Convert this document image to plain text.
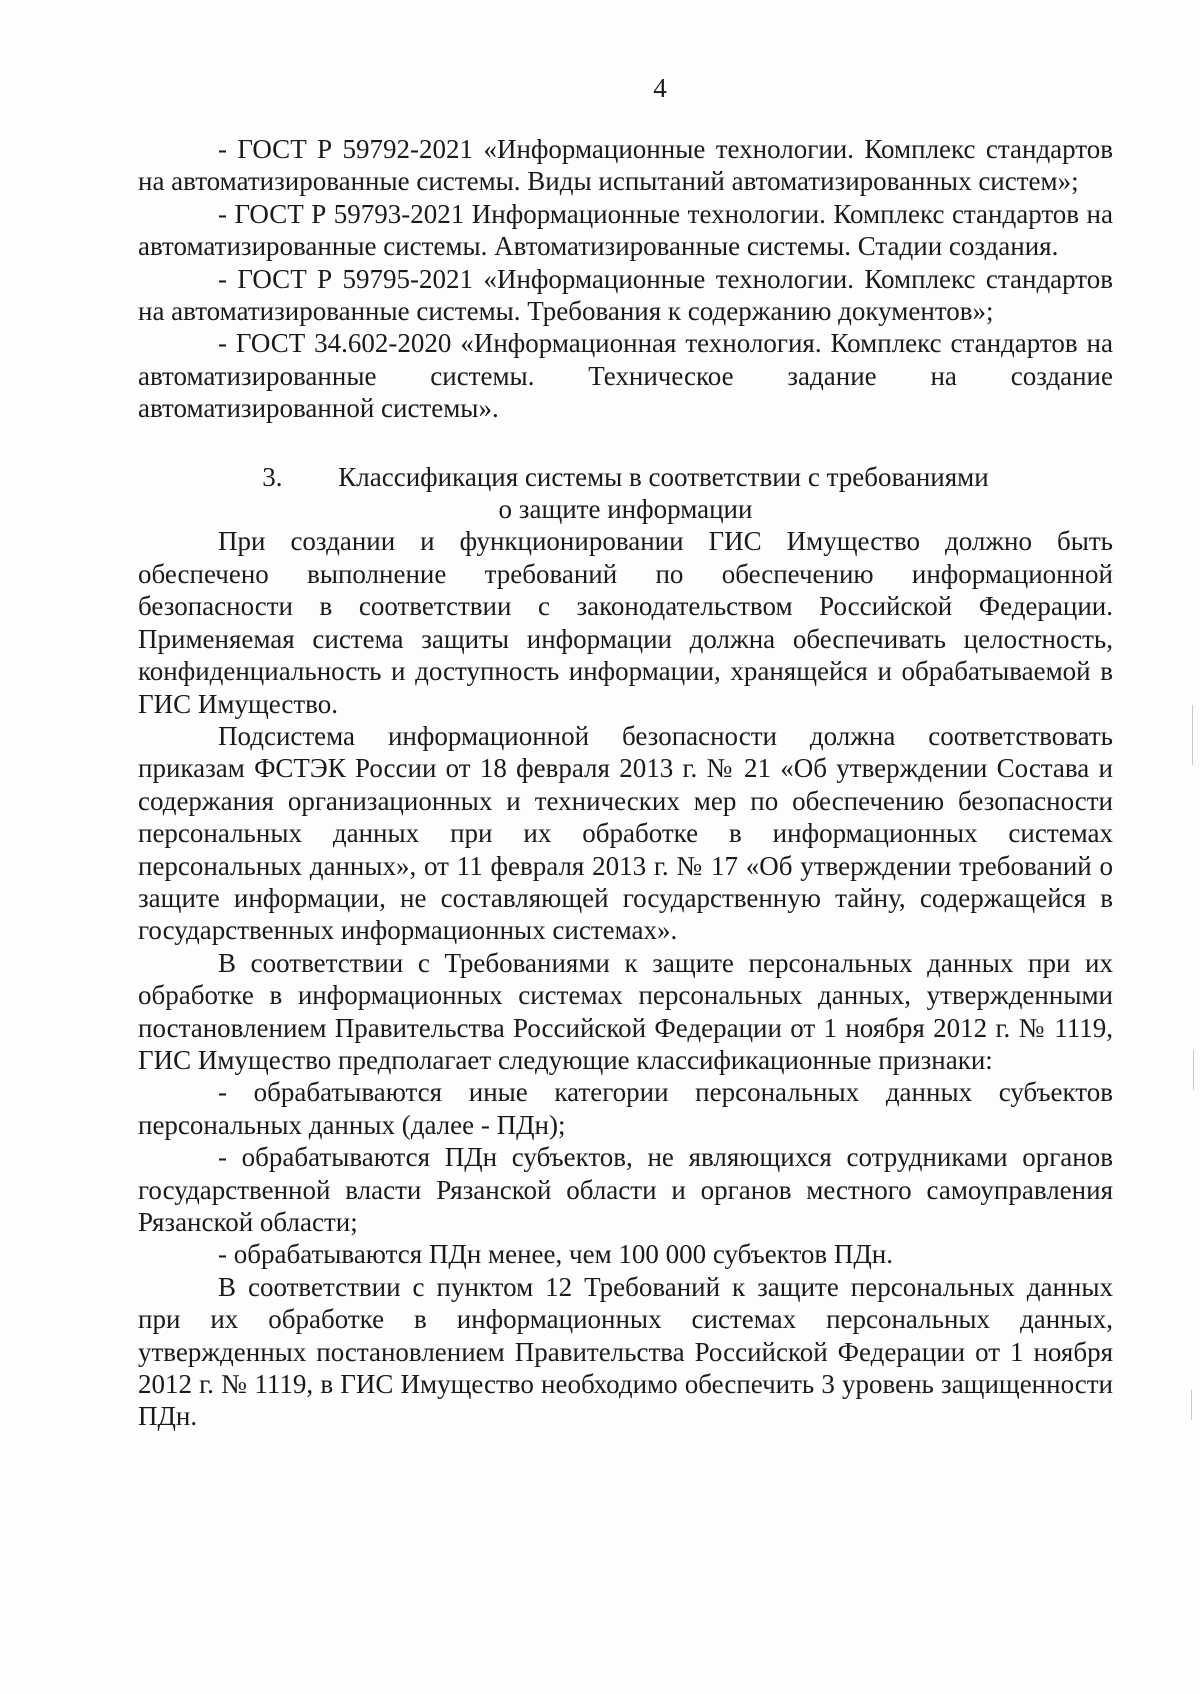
4

- ГОСТ Р 59792-2021 «Информационные технологии. Комплекс стандартов на автоматизированные системы. Виды испытаний автоматизированных систем»;

- ГОСТ Р 59793-2021 Информационные технологии. Комплекс стандартов на автоматизированные системы. Автоматизированные системы. Стадии создания.

- ГОСТ Р 59795-2021 «Информационные технологии. Комплекс стандартов на автоматизированные системы. Требования к содержанию документов»;

- ГОСТ 34.602-2020 «Информационная технология. Комплекс стандартов на автоматизированные системы. Техническое задание на создание автоматизированной системы».

3. Классификация системы в соответствии с требованиями
о защите информации

При создании и функционировании ГИС Имущество должно быть обеспечено выполнение требований по обеспечению информационной безопасности в соответствии с законодательством Российской Федерации. Применяемая система защиты информации должна обеспечивать целостность, конфиденциальность и доступность информации, хранящейся и обрабатываемой в ГИС Имущество.

Подсистема информационной безопасности должна соответствовать приказам ФСТЭК России от 18 февраля 2013 г. № 21 «Об утверждении Состава и содержания организационных и технических мер по обеспечению безопасности персональных данных при их обработке в информационных системах персональных данных», от 11 февраля 2013 г. № 17 «Об утверждении требований о защите информации, не составляющей государственную тайну, содержащейся в государственных информационных системах».

В соответствии с Требованиями к защите персональных данных при их обработке в информационных системах персональных данных, утвержденными постановлением Правительства Российской Федерации от 1 ноября 2012 г. № 1119, ГИС Имущество предполагает следующие классификационные признаки:

- обрабатываются иные категории персональных данных субъектов персональных данных (далее - ПДн);

- обрабатываются ПДн субъектов, не являющихся сотрудниками органов государственной власти Рязанской области и органов местного самоуправления Рязанской области;

- обрабатываются ПДн менее, чем 100 000 субъектов ПДн.

В соответствии с пунктом 12 Требований к защите персональных данных при их обработке в информационных системах персональных данных, утвержденных постановлением Правительства Российской Федерации от 1 ноября 2012 г. № 1119, в ГИС Имущество необходимо обеспечить 3 уровень защищенности ПДн.
